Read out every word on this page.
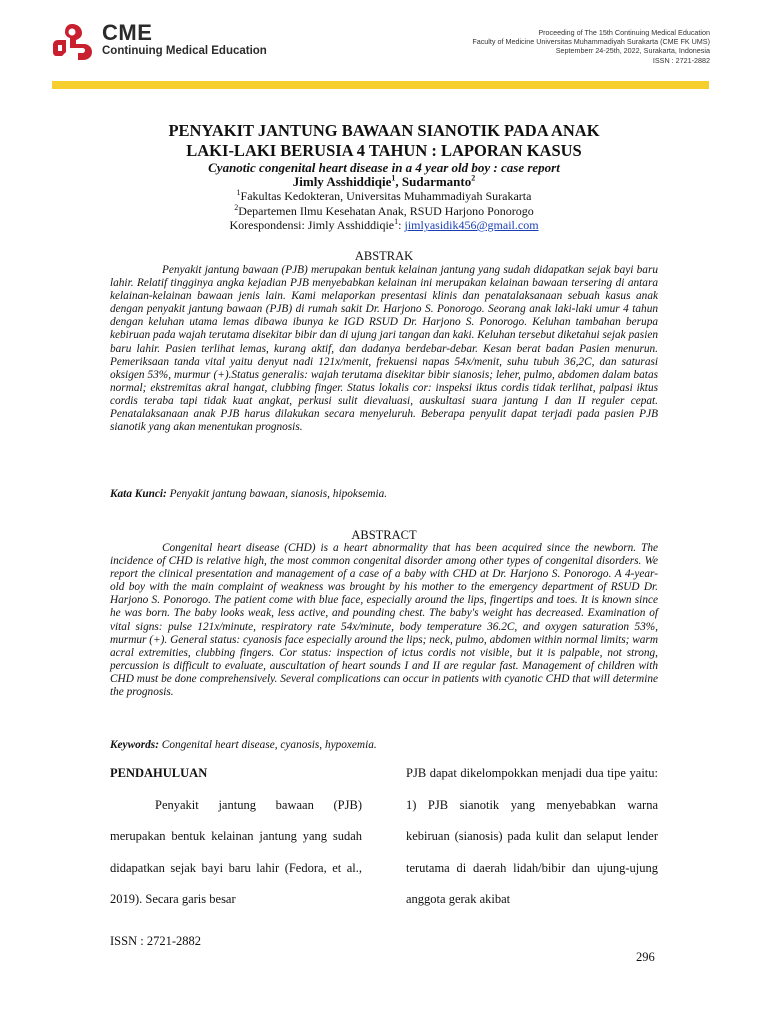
CME
Continuing Medical Education
Proceeding of The 15th Continuing Medical Education
Faculty of Medicine Universitas Muhammadiyah Surakarta (CME FK UMS)
Septemberr 24-25th, 2022, Surakarta, Indonesia
ISSN : 2721-2882
PENYAKIT JANTUNG BAWAAN SIANOTIK PADA ANAK
LAKI-LAKI BERUSIA 4 TAHUN : LAPORAN KASUS
Cyanotic congenital heart disease in a 4 year old boy : case report
Jimly Asshiddiqie$^1$, Sudarmanto$^2$
$^1$Fakultas Kedokteran, Universitas Muhammadiyah Surakarta
$^2$Departemen Ilmu Kesehatan Anak, RSUD Harjono Ponorogo
Korespondensi: Jimly Asshiddiqie$^1$: jimlyasidik456@gmail.com
ABSTRAK
Penyakit jantung bawaan (PJB) merupakan bentuk kelainan jantung yang sudah didapatkan sejak bayi baru lahir. Relatif tingginya angka kejadian PJB menyebabkan kelainan ini merupakan kelainan bawaan tersering di antara kelainan-kelainan bawaan jenis lain. Kami melaporkan presentasi klinis dan penatalaksanaan sebuah kasus anak dengan penyakit jantung bawaan (PJB) di rumah sakit Dr. Harjono S. Ponorogo. Seorang anak laki-laki umur 4 tahun dengan keluhan utama lemas dibawa ibunya ke IGD RSUD Dr. Harjono S. Ponorogo. Keluhan tambahan berupa kebiruan pada wajah terutama disekitar bibir dan di ujung jari tangan dan kaki. Keluhan tersebut diketahui sejak pasien baru lahir. Pasien terlihat lemas, kurang aktif, dan dadanya berdebar-debar. Kesan berat badan Pasien menurun. Pemeriksaan tanda vital yaitu denyut nadi 121x/menit, frekuensi napas 54x/menit, suhu tubuh 36,2C, dan saturasi oksigen 53%, murmur (+).Status generalis: wajah terutama disekitar bibir sianosis; leher, pulmo, abdomen dalam batas normal; ekstremitas akral hangat, clubbing finger. Status lokalis cor: inspeksi iktus cordis tidak terlihat, palpasi iktus cordis teraba tapi tidak kuat angkat, perkusi sulit dievaluasi, auskultasi suara jantung I dan II reguler cepat. Penatalaksanaan anak PJB harus dilakukan secara menyeluruh. Beberapa penyulit dapat terjadi pada pasien PJB sianotik yang akan menentukan prognosis.
Kata Kunci: Penyakit jantung bawaan, sianosis, hipoksemia.
ABSTRACT
Congenital heart disease (CHD) is a heart abnormality that has been acquired since the newborn. The incidence of CHD is relative high, the most common congenital disorder among other types of congenital disorders. We report the clinical presentation and management of a case of a baby with CHD at Dr. Harjono S. Ponorogo. A 4-year-old boy with the main complaint of weakness was brought by his mother to the emergency department of RSUD Dr. Harjono S. Ponorogo. The patient come with blue face, especially around the lips, fingertips and toes. It is known since he was born. The baby looks weak, less active, and pounding chest. The baby's weight has decreased. Examination of vital signs: pulse 121x/minute, respiratory rate 54x/minute, body temperature 36.2C, and oxygen saturation 53%, murmur (+). General status: cyanosis face especially around the lips; neck, pulmo, abdomen within normal limits; warm acral extremities, clubbing fingers. Cor status: inspection of ictus cordis not visible, but it is palpable, not strong, percussion is difficult to evaluate, auscultation of heart sounds I and II are regular fast. Management of children with CHD must be done comprehensively. Several complications can occur in patients with cyanotic CHD that will determine the prognosis.
Keywords: Congenital heart disease, cyanosis, hypoxemia.
PENDAHULUAN
Penyakit jantung bawaan (PJB) merupakan bentuk kelainan jantung yang sudah didapatkan sejak bayi baru lahir (Fedora, et al., 2019). Secara garis besar
PJB dapat dikelompokkan menjadi dua tipe yaitu: 1) PJB sianotik yang menyebabkan warna kebiruan (sianosis) pada kulit dan selaput lender terutama di daerah lidah/bibir dan ujung-ujung anggota gerak akibat
ISSN : 2721-2882
296
